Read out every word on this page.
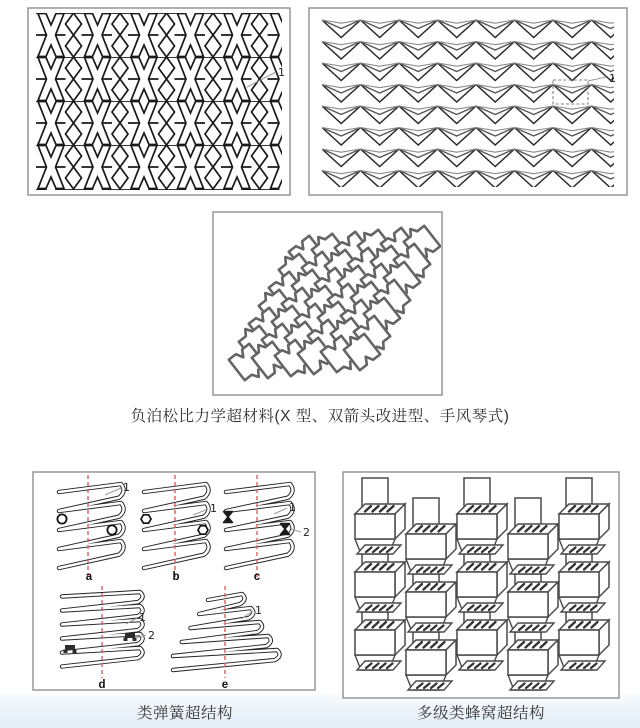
1	1
1
1	1
2
1
2
1
a	b	c
d	e
负泊松比力学超材料(X 型、双箭头改进型、手风琴式)
类弹簧超结构	多级类蜂窝超结构
